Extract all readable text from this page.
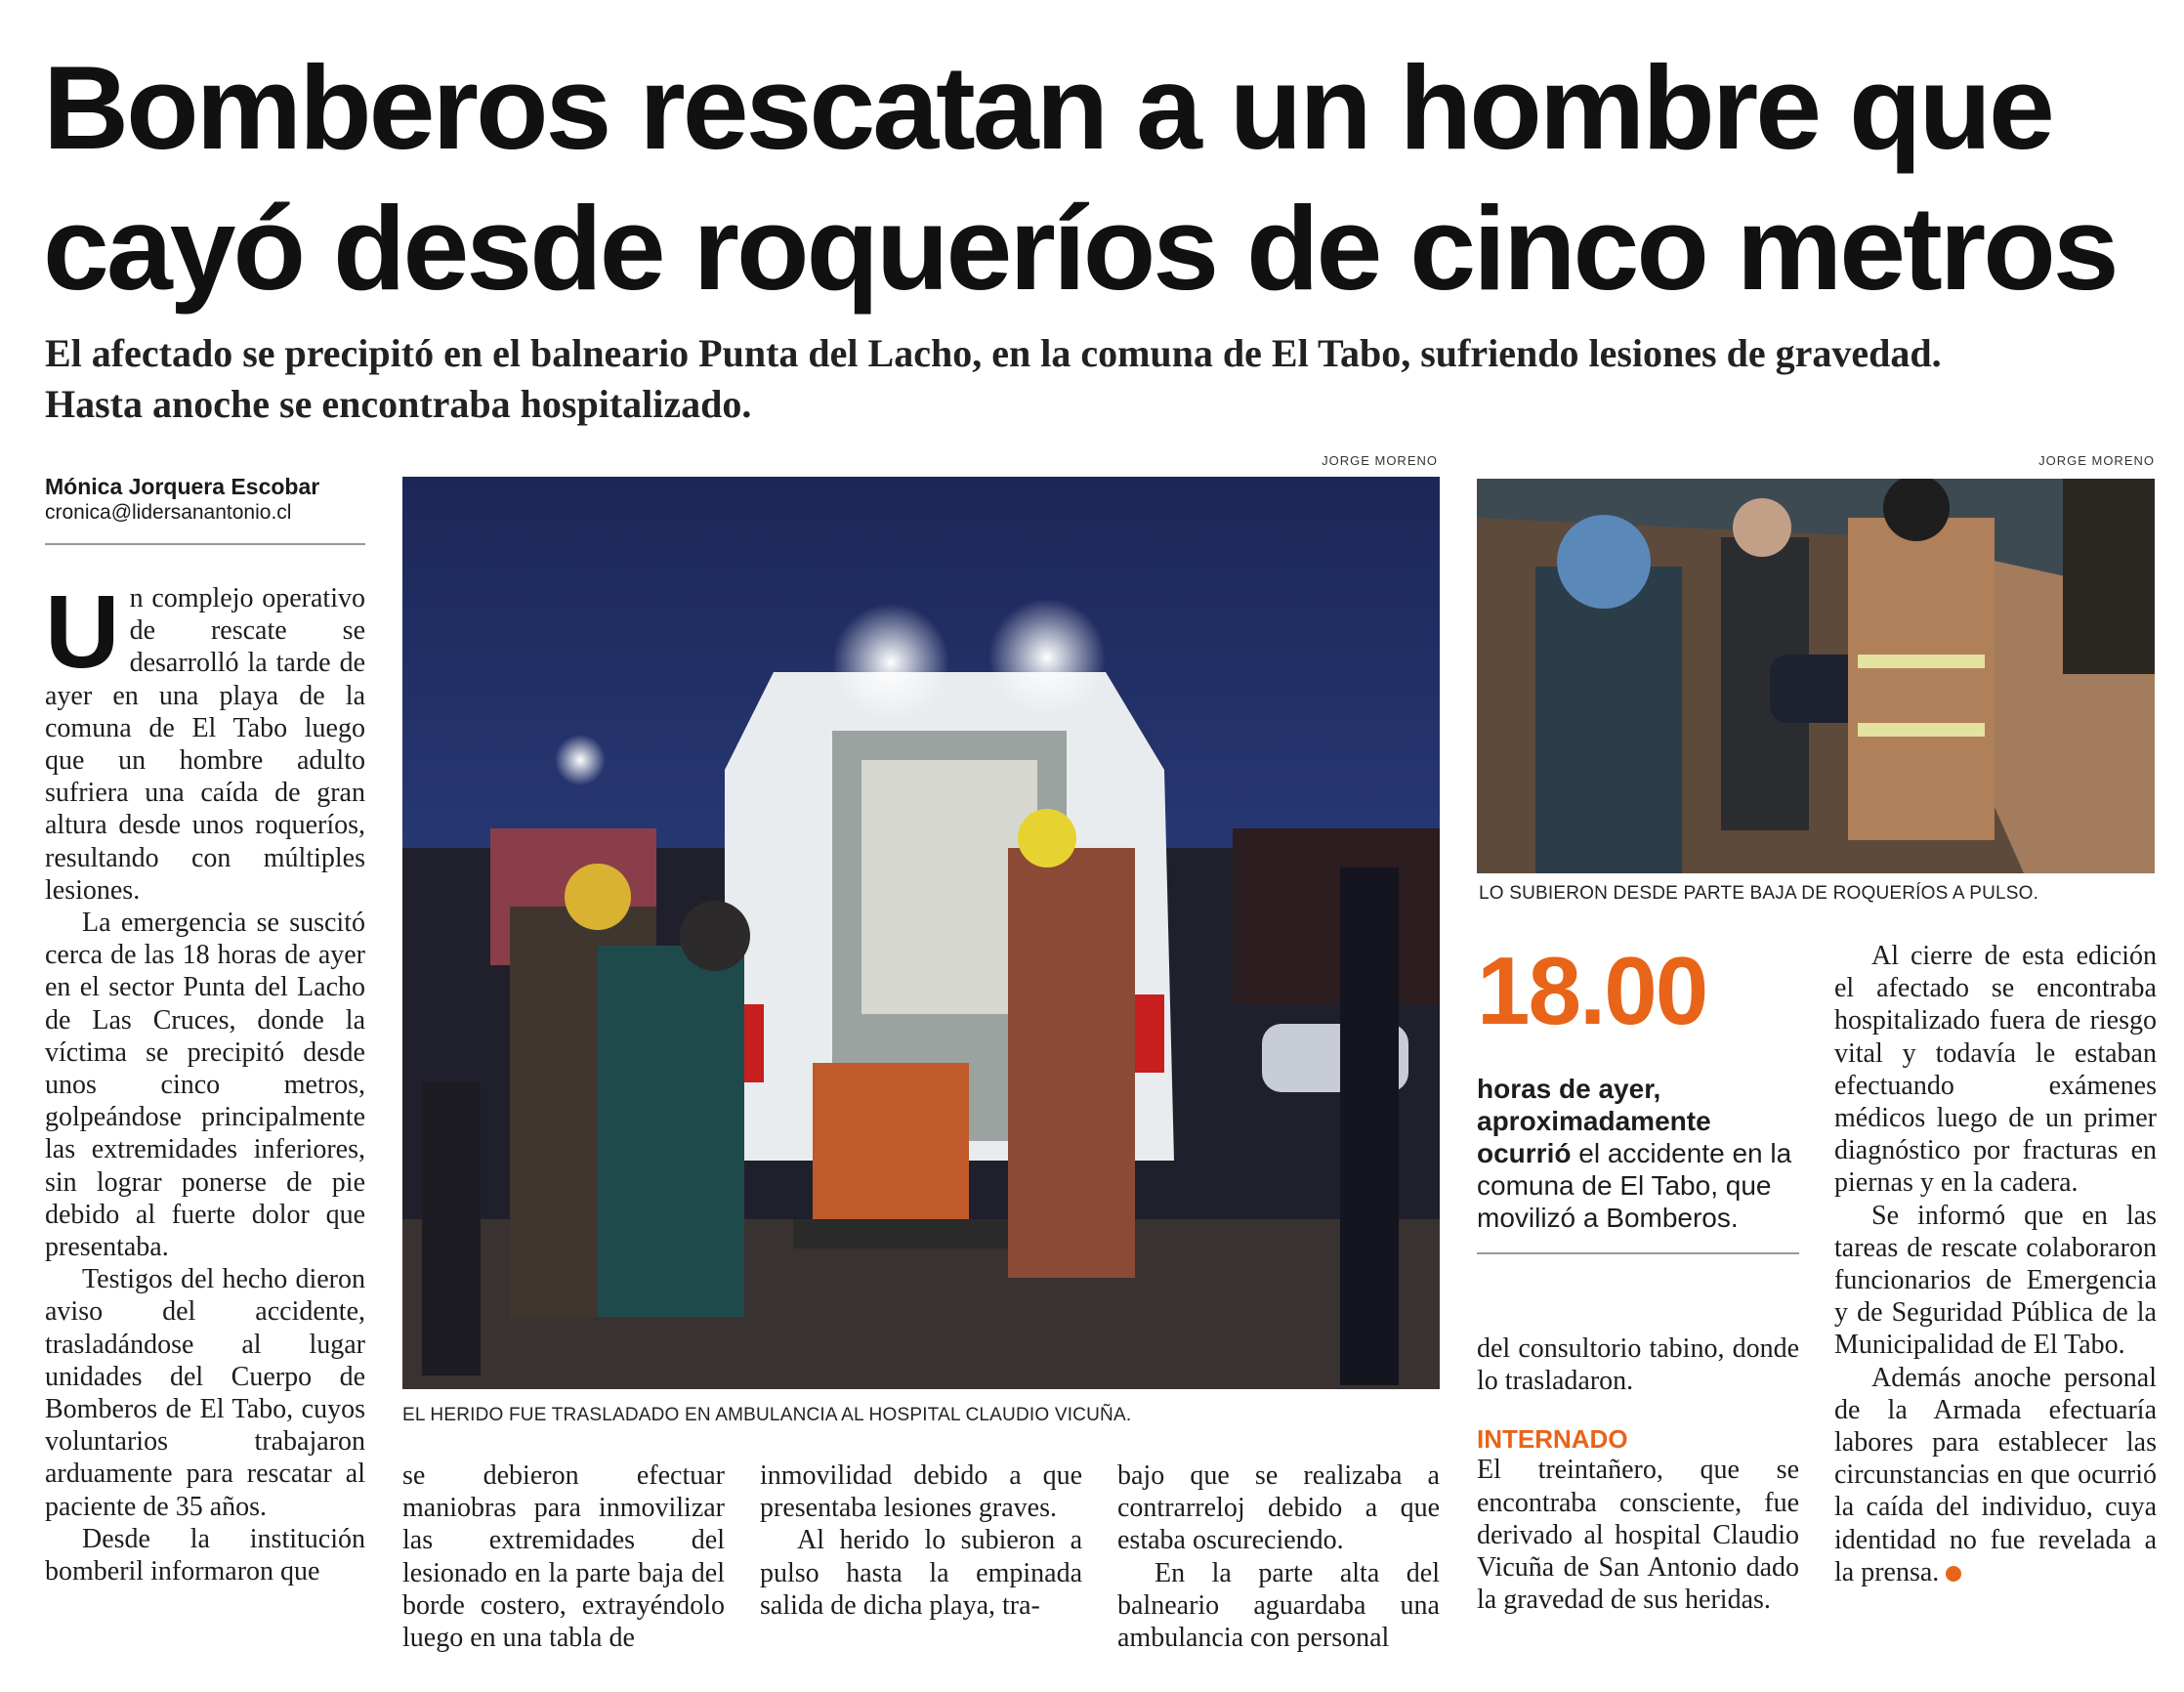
Bomberos rescatan a un hombre que
cayó desde roqueríos de cinco metros
El afectado se precipitó en el balneario Punta del Lacho, en la comuna de El Tabo, sufriendo lesiones de gravedad.
Hasta anoche se encontraba hospitalizado.
Mónica Jorquera Escobar
cronica@lidersanantonio.cl

Un complejo operativo de rescate se desarrolló la tarde de ayer en una playa de la comuna de El Tabo luego que un hombre adulto sufriera una caída de gran altura desde unos roqueríos, resultando con múltiples lesiones.

La emergencia se suscitó cerca de las 18 horas de ayer en el sector Punta del Lacho de Las Cruces, donde la víctima se precipitó desde unos cinco metros, golpeándose principalmente las extremidades inferiores, sin lograr ponerse de pie debido al fuerte dolor que presentaba.

Testigos del hecho dieron aviso del accidente, trasladándose al lugar unidades del Cuerpo de Bomberos de El Tabo, cuyos voluntarios trabajaron arduamente para rescatar al paciente de 35 años.

Desde la institución bomberil informaron que

JORGE MORENO
EL HERIDO FUE TRASLADADO EN AMBULANCIA AL HOSPITAL CLAUDIO VICUÑA.

se debieron efectuar maniobras para inmovilizar las extremidades del lesionado en la parte baja del borde costero, extrayéndolo luego en una tabla de

inmovilidad debido a que presentaba lesiones graves.

Al herido lo subieron a pulso hasta la empinada salida de dicha playa, tra-

bajo que se realizaba a contrarreloj debido a que estaba oscureciendo.

En la parte alta del balneario aguardaba una ambulancia con personal

JORGE MORENO
LO SUBIERON DESDE PARTE BAJA DE ROQUERÍOS A PULSO.
18.00
horas de ayer, aproximadamente ocurrió el accidente en la comuna de El Tabo, que movilizó a Bomberos.

del consultorio tabino, donde lo trasladaron.

INTERNADO

El treintañero, que se encontraba consciente, fue derivado al hospital Claudio Vicuña de San Antonio dado la gravedad de sus heridas.

Al cierre de esta edición el afectado se encontraba hospitalizado fuera de riesgo vital y todavía le estaban efectuando exámenes médicos luego de un primer diagnóstico por fracturas en piernas y en la cadera.

Se informó que en las tareas de rescate colaboraron funcionarios de Emergencia y de Seguridad Pública de la Municipalidad de El Tabo.

Además anoche personal de la Armada efectuaría labores para establecer las circunstancias en que ocurrió la caída del individuo, cuya identidad no fue revelada a la prensa.	✕
